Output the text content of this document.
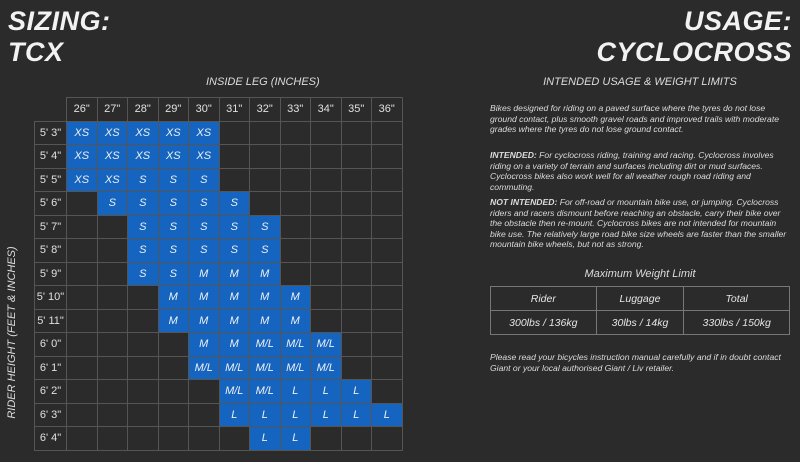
SIZING:
TCX
USAGE:
CYCLOCROSS
INSIDE LEG (INCHES)
RIDER HEIGHT (FEET & INCHES)
	26"	27"	28"	29"	30"	31"	32"	33"	34"	35"	36"
5' 3"	XS	XS	XS	XS	XS						
5' 4"	XS	XS	XS	XS	XS						
5' 5"	XS	XS	S	S	S						
5' 6"		S	S	S	S	S					
5' 7"			S	S	S	S	S				
5' 8"			S	S	S	S	S				
5' 9"			S	S	M	M	M				
5' 10"				M	M	M	M	M			
5' 11"				M	M	M	M	M			
6' 0"					M	M	M/L	M/L	M/L		
6' 1"					M/L	M/L	M/L	M/L	M/L		
6' 2"						M/L	M/L	L	L	L	
6' 3"						L	L	L	L	L	L
6' 4"							L	L			
INTENDED USAGE & WEIGHT LIMITS
Bikes designed for riding on a paved surface where the tyres do not lose ground contact, plus smooth gravel roads and improved trails with moderate grades where the tyres do not lose ground contact.
INTENDED: For cyclocross riding, training and racing. Cyclocross involves riding on a variety of terrain and surfaces including dirt or mud surfaces. Cyclocross bikes also work well for all weather rough road riding and commuting.
NOT INTENDED: For off-road or mountain bike use, or jumping. Cyclocross riders and racers dismount before reaching an obstacle, carry their bike over the obstacle then re-mount. Cyclocross bikes are not intended for mountain bike use. The relatively large road bike size wheels are faster than the smaller mountain bike wheels, but not as strong.
Maximum Weight Limit
Rider	Luggage	Total
300lbs / 136kg	30lbs / 14kg	330lbs / 150kg
Please read your bicycles instruction manual carefully and if in doubt contact Giant or your local authorised Giant / Liv retailer.
